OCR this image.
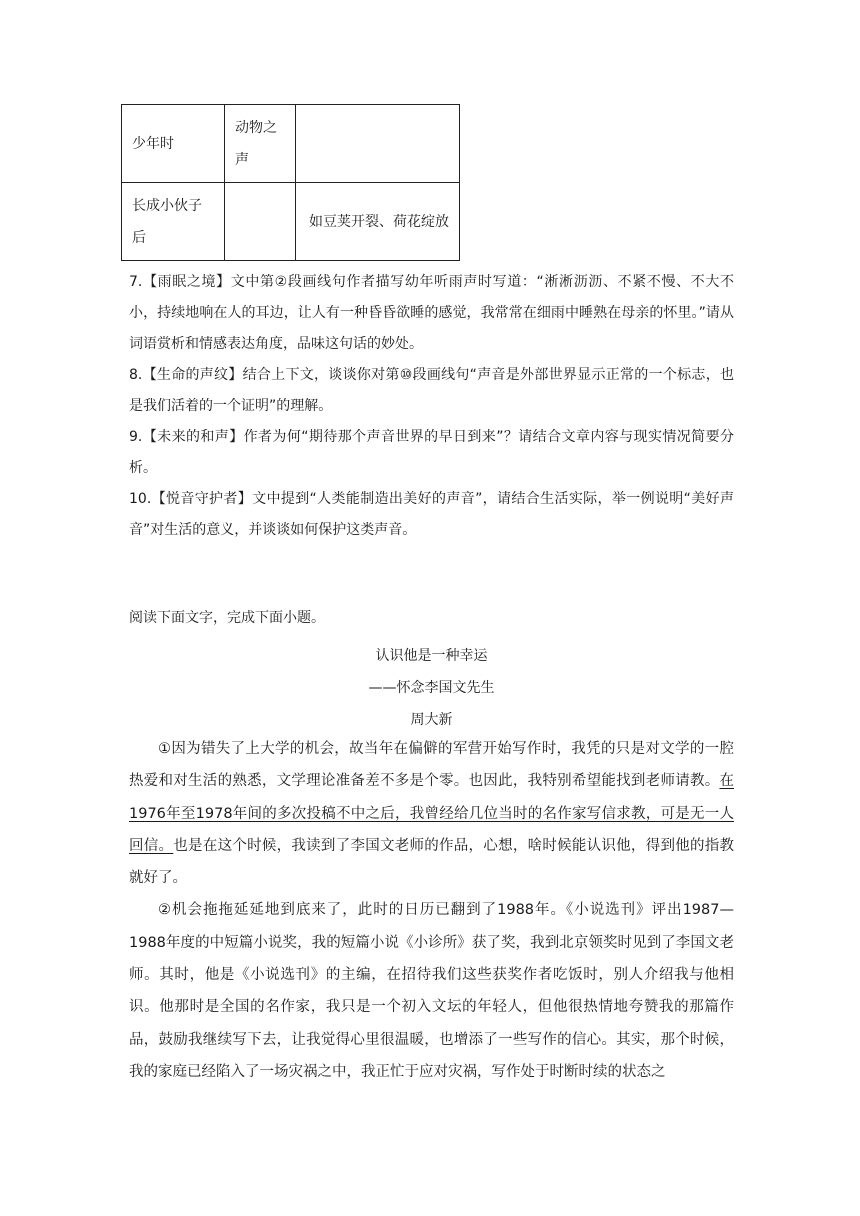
少年时	动物之声	
长成小伙子后		如豆荚开裂、荷花绽放

7.【雨眠之境】文中第②段画线句作者描写幼年听雨声时写道：“淅淅沥沥、不紧不慢、不大不小，持续地响在人的耳边，让人有一种昏昏欲睡的感觉，我常常在细雨中睡熟在母亲的怀里。”请从词语赏析和情感表达角度，品味这句话的妙处。

8.【生命的声纹】结合上下文，谈谈你对第⑩段画线句“声音是外部世界显示正常的一个标志，也是我们活着的一个证明”的理解。

9.【未来的和声】作者为何“期待那个声音世界的早日到来”？请结合文章内容与现实情况简要分析。

10.【悦音守护者】文中提到“人类能制造出美好的声音”，请结合生活实际，举一例说明“美好声音”对生活的意义，并谈谈如何保护这类声音。

阅读下面文字，完成下面小题。
认识他是一种幸运
——怀念李国文先生
周大新

①因为错失了上大学的机会，故当年在偏僻的军营开始写作时，我凭的只是对文学的一腔热爱和对生活的熟悉，文学理论准备差不多是个零。也因此，我特别希望能找到老师请教。在1976年至1978年间的多次投稿不中之后，我曾经给几位当时的名作家写信求教，可是无一人回信。也是在这个时候，我读到了李国文老师的作品，心想，啥时候能认识他，得到他的指教就好了。

②机会拖拖延延地到底来了，此时的日历已翻到了1988年。《小说选刊》评出1987—1988年度的中短篇小说奖，我的短篇小说《小诊所》获了奖，我到北京领奖时见到了李国文老师。其时，他是《小说选刊》的主编，在招待我们这些获奖作者吃饭时，别人介绍我与他相识。他那时是全国的名作家，我只是一个初入文坛的年轻人，但他很热情地夸赞我的那篇作品，鼓励我继续写下去，让我觉得心里很温暖，也增添了一些写作的信心。其实，那个时候，我的家庭已经陷入了一场灾祸之中，我正忙于应对灾祸，写作处于时断时续的状态之
